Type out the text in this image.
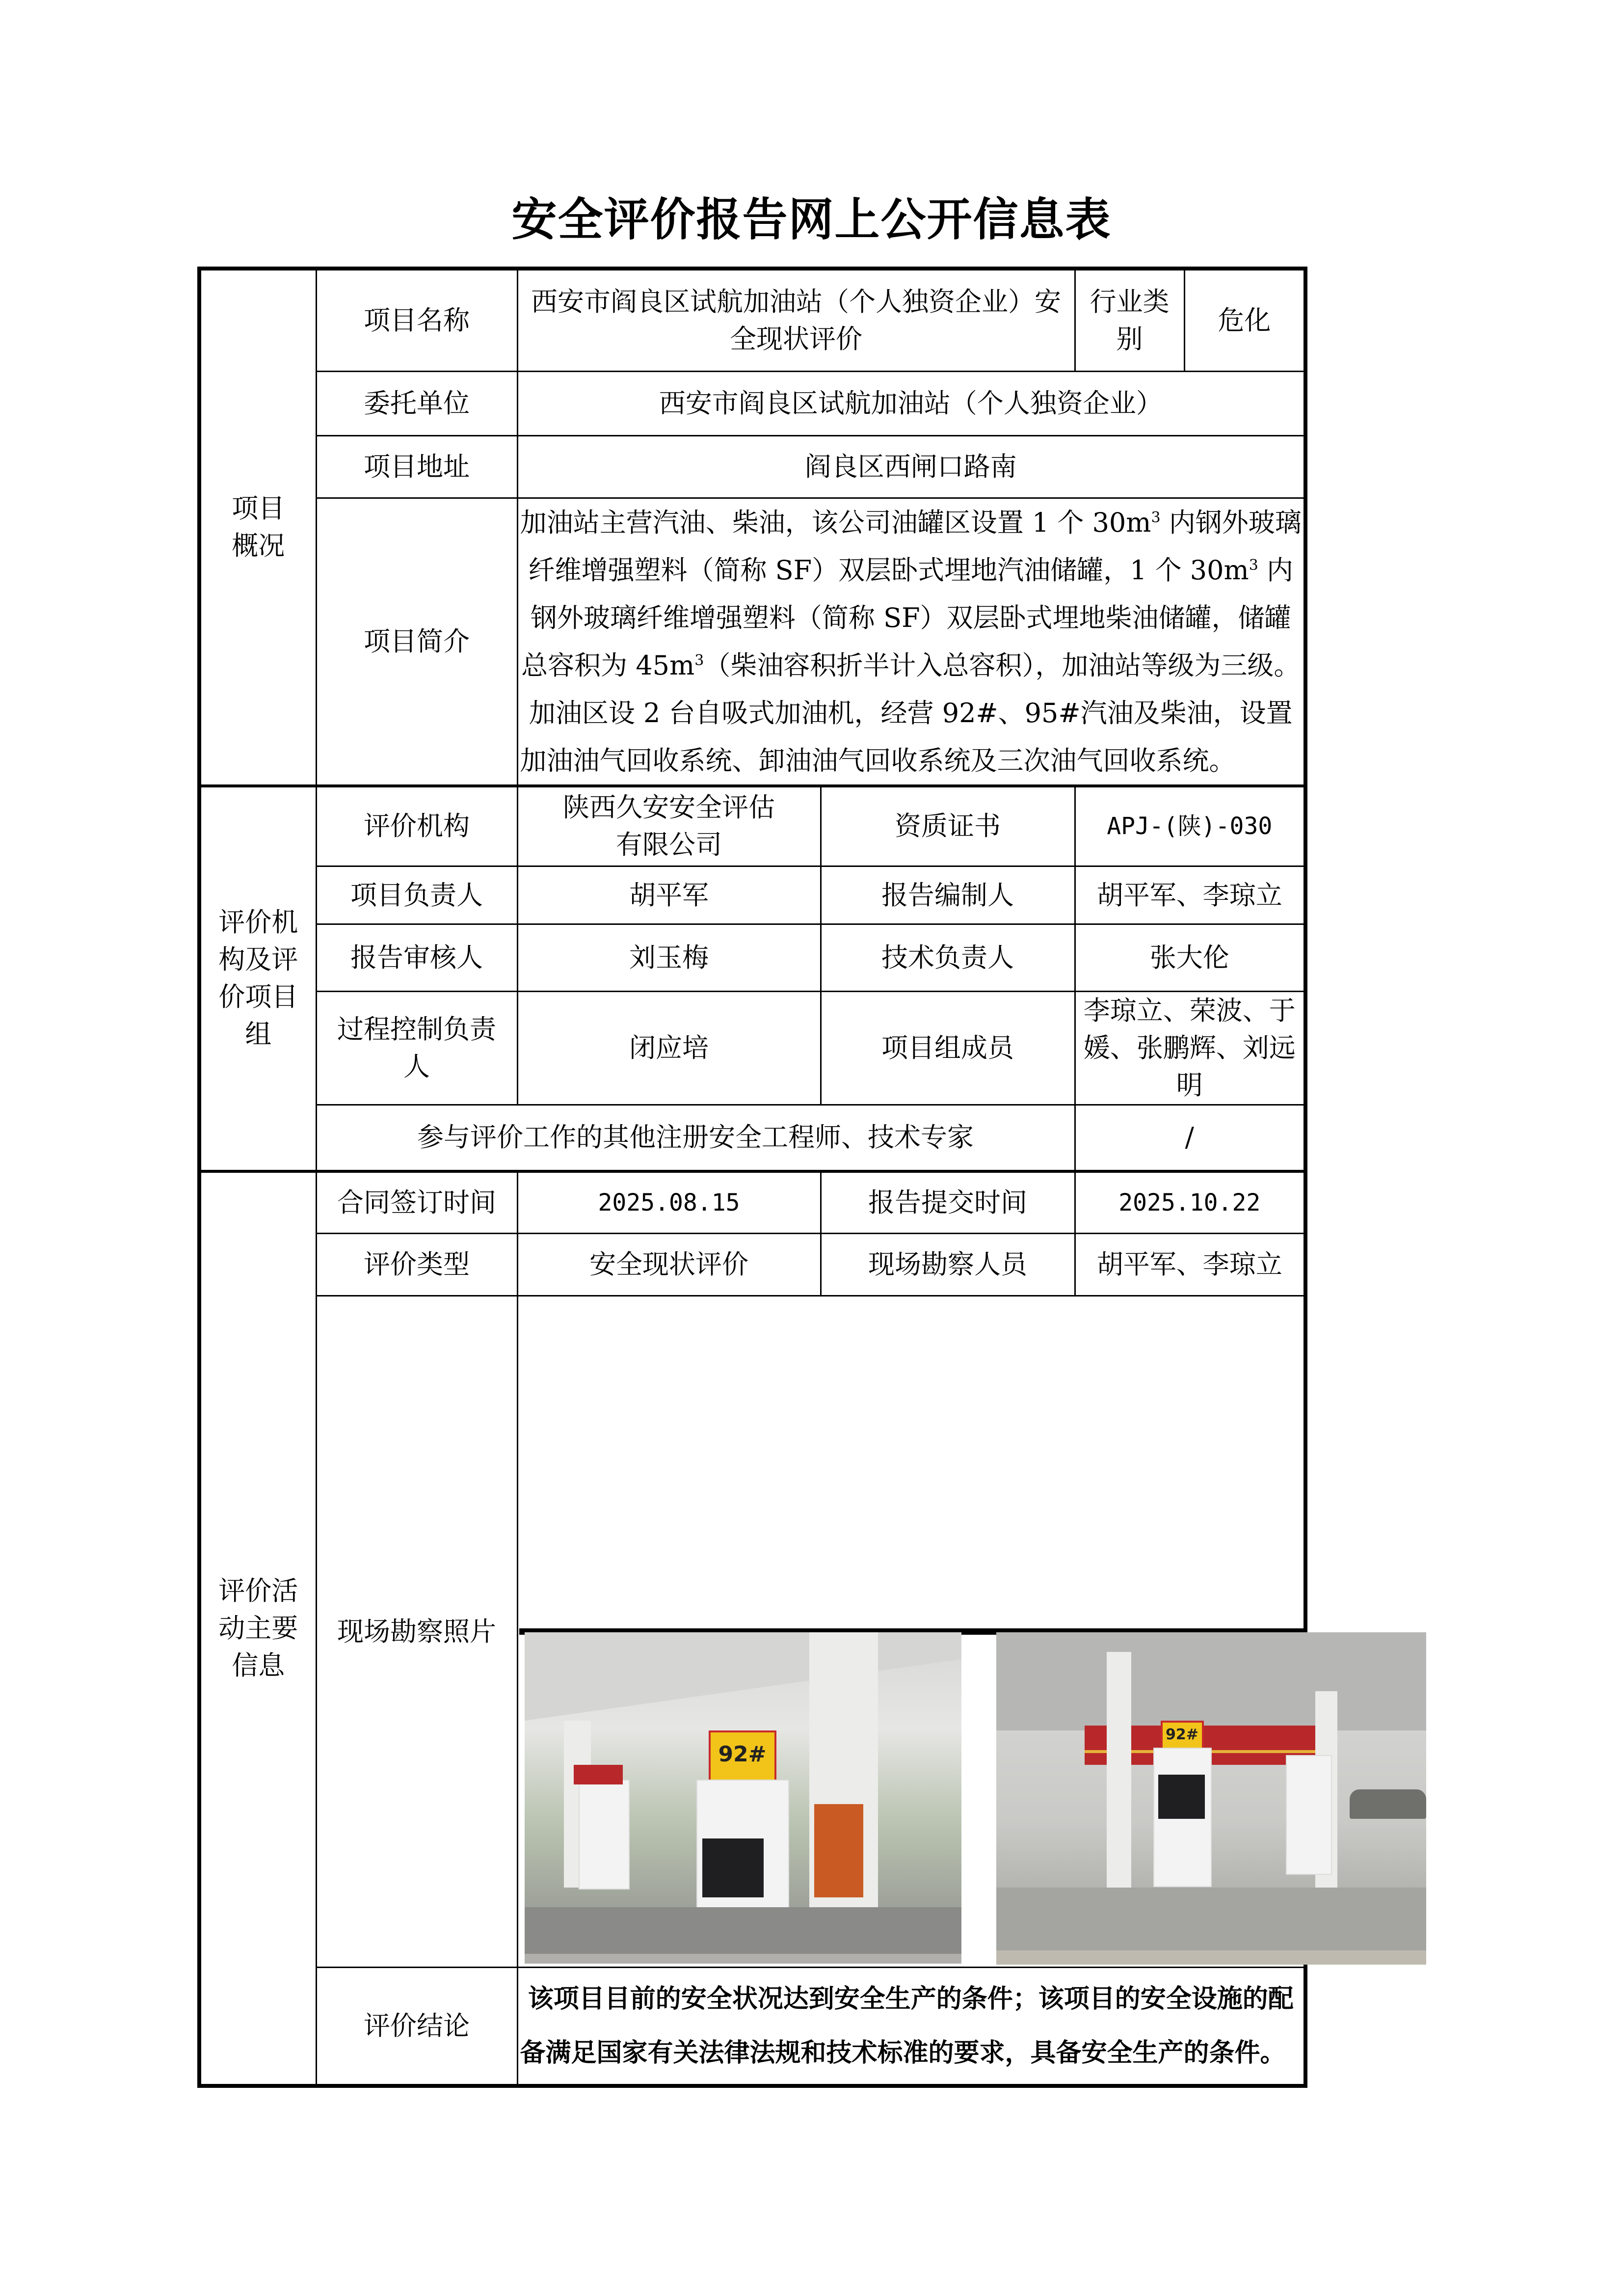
安全评价报告网上公开信息表
项目概况	项目名称	西安市阎良区试航加油站（个人独资企业）安全现状评价	行业类别	危化
委托单位	西安市阎良区试航加油站（个人独资企业）
项目地址	阎良区西闸口路南
项目简介	加油站主营汽油、柴油，该公司油罐区设置 1 个 $30m^3$ 内钢外玻璃纤维增强塑料（简称 SF）双层卧式埋地汽油储罐，1 个 $30m^3$ 内钢外玻璃纤维增强塑料（简称 SF）双层卧式埋地柴油储罐，储罐总容积为 $45m^3$（柴油容积折半计入总容积），加油站等级为三级。加油区设 2 台自吸式加油机，经营 92#、95#汽油及柴油，设置加油油气回收系统、卸油油气回收系统及三次油气回收系统。
评价机构及评价项目组	评价机构	陕西久安安全评估有限公司	资质证书	APJ-(陕)-030
项目负责人	胡平军	报告编制人	胡平军、李琼立
报告审核人	刘玉梅	技术负责人	张大伦
过程控制负责人	闭应培	项目组成员	李琼立、荣波、于媛、张鹏辉、刘远明
参与评价工作的其他注册安全工程师、技术专家	/
评价活动主要信息	合同签订时间	2025.08.15	报告提交时间	2025.10.22
评价类型	安全现状评价	现场勘察人员	胡平军、李琼立
现场勘察照片	

92#

92#

评价结论	该项目目前的安全状况达到安全生产的条件；该项目的安全设施的配备满足国家有关法律法规和技术标准的要求，具备安全生产的条件。
